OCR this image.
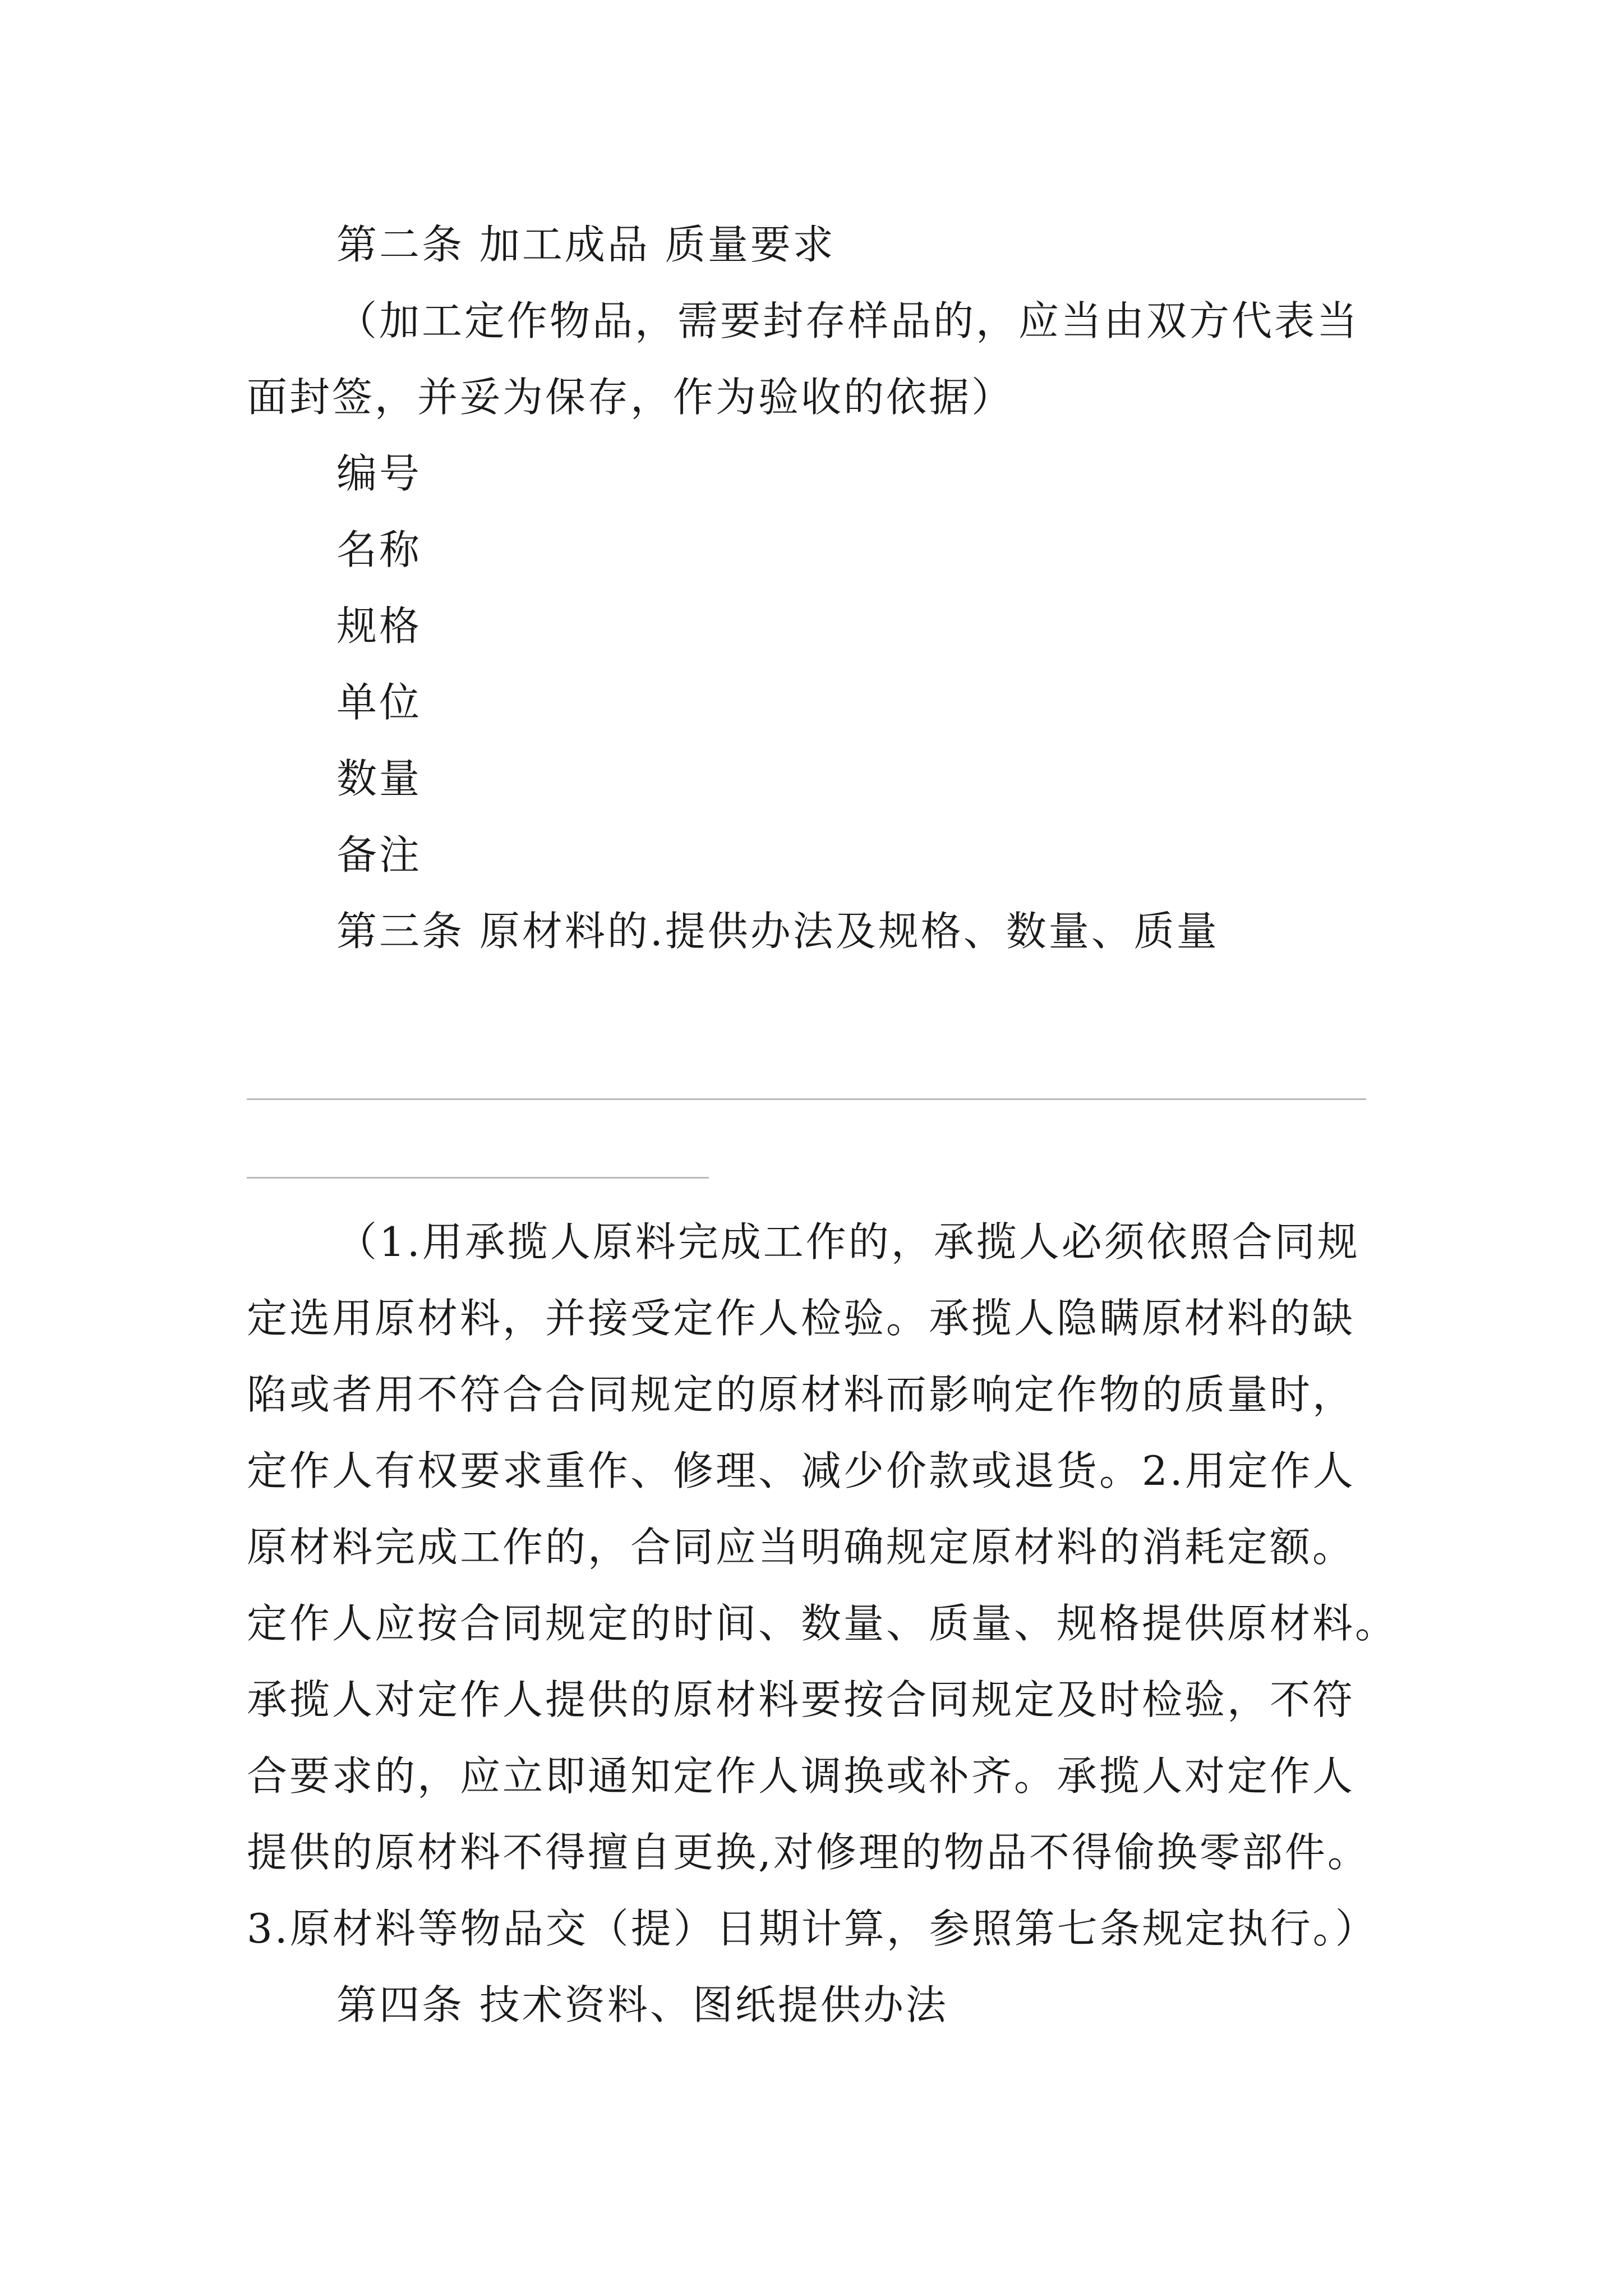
第二条 加工成品 质量要求
（加工定作物品，需要封存样品的，应当由双方代表当
面封签，并妥为保存，作为验收的依据）
编号
名称
规格
单位
数量
备注
第三条 原材料的.提供办法及规格、数量、质量
（1.用承揽人原料完成工作的，承揽人必须依照合同规
定选用原材料，并接受定作人检验。承揽人隐瞒原材料的缺
陷或者用不符合合同规定的原材料而影响定作物的质量时，
定作人有权要求重作、修理、减少价款或退货。2.用定作人
原材料完成工作的，合同应当明确规定原材料的消耗定额。
定作人应按合同规定的时间、数量、质量、规格提供原材料。
承揽人对定作人提供的原材料要按合同规定及时检验，不符
合要求的，应立即通知定作人调换或补齐。承揽人对定作人
提供的原材料不得擅自更换,对修理的物品不得偷换零部件。
3.原材料等物品交（提）日期计算，参照第七条规定执行。）
第四条 技术资料、图纸提供办法
